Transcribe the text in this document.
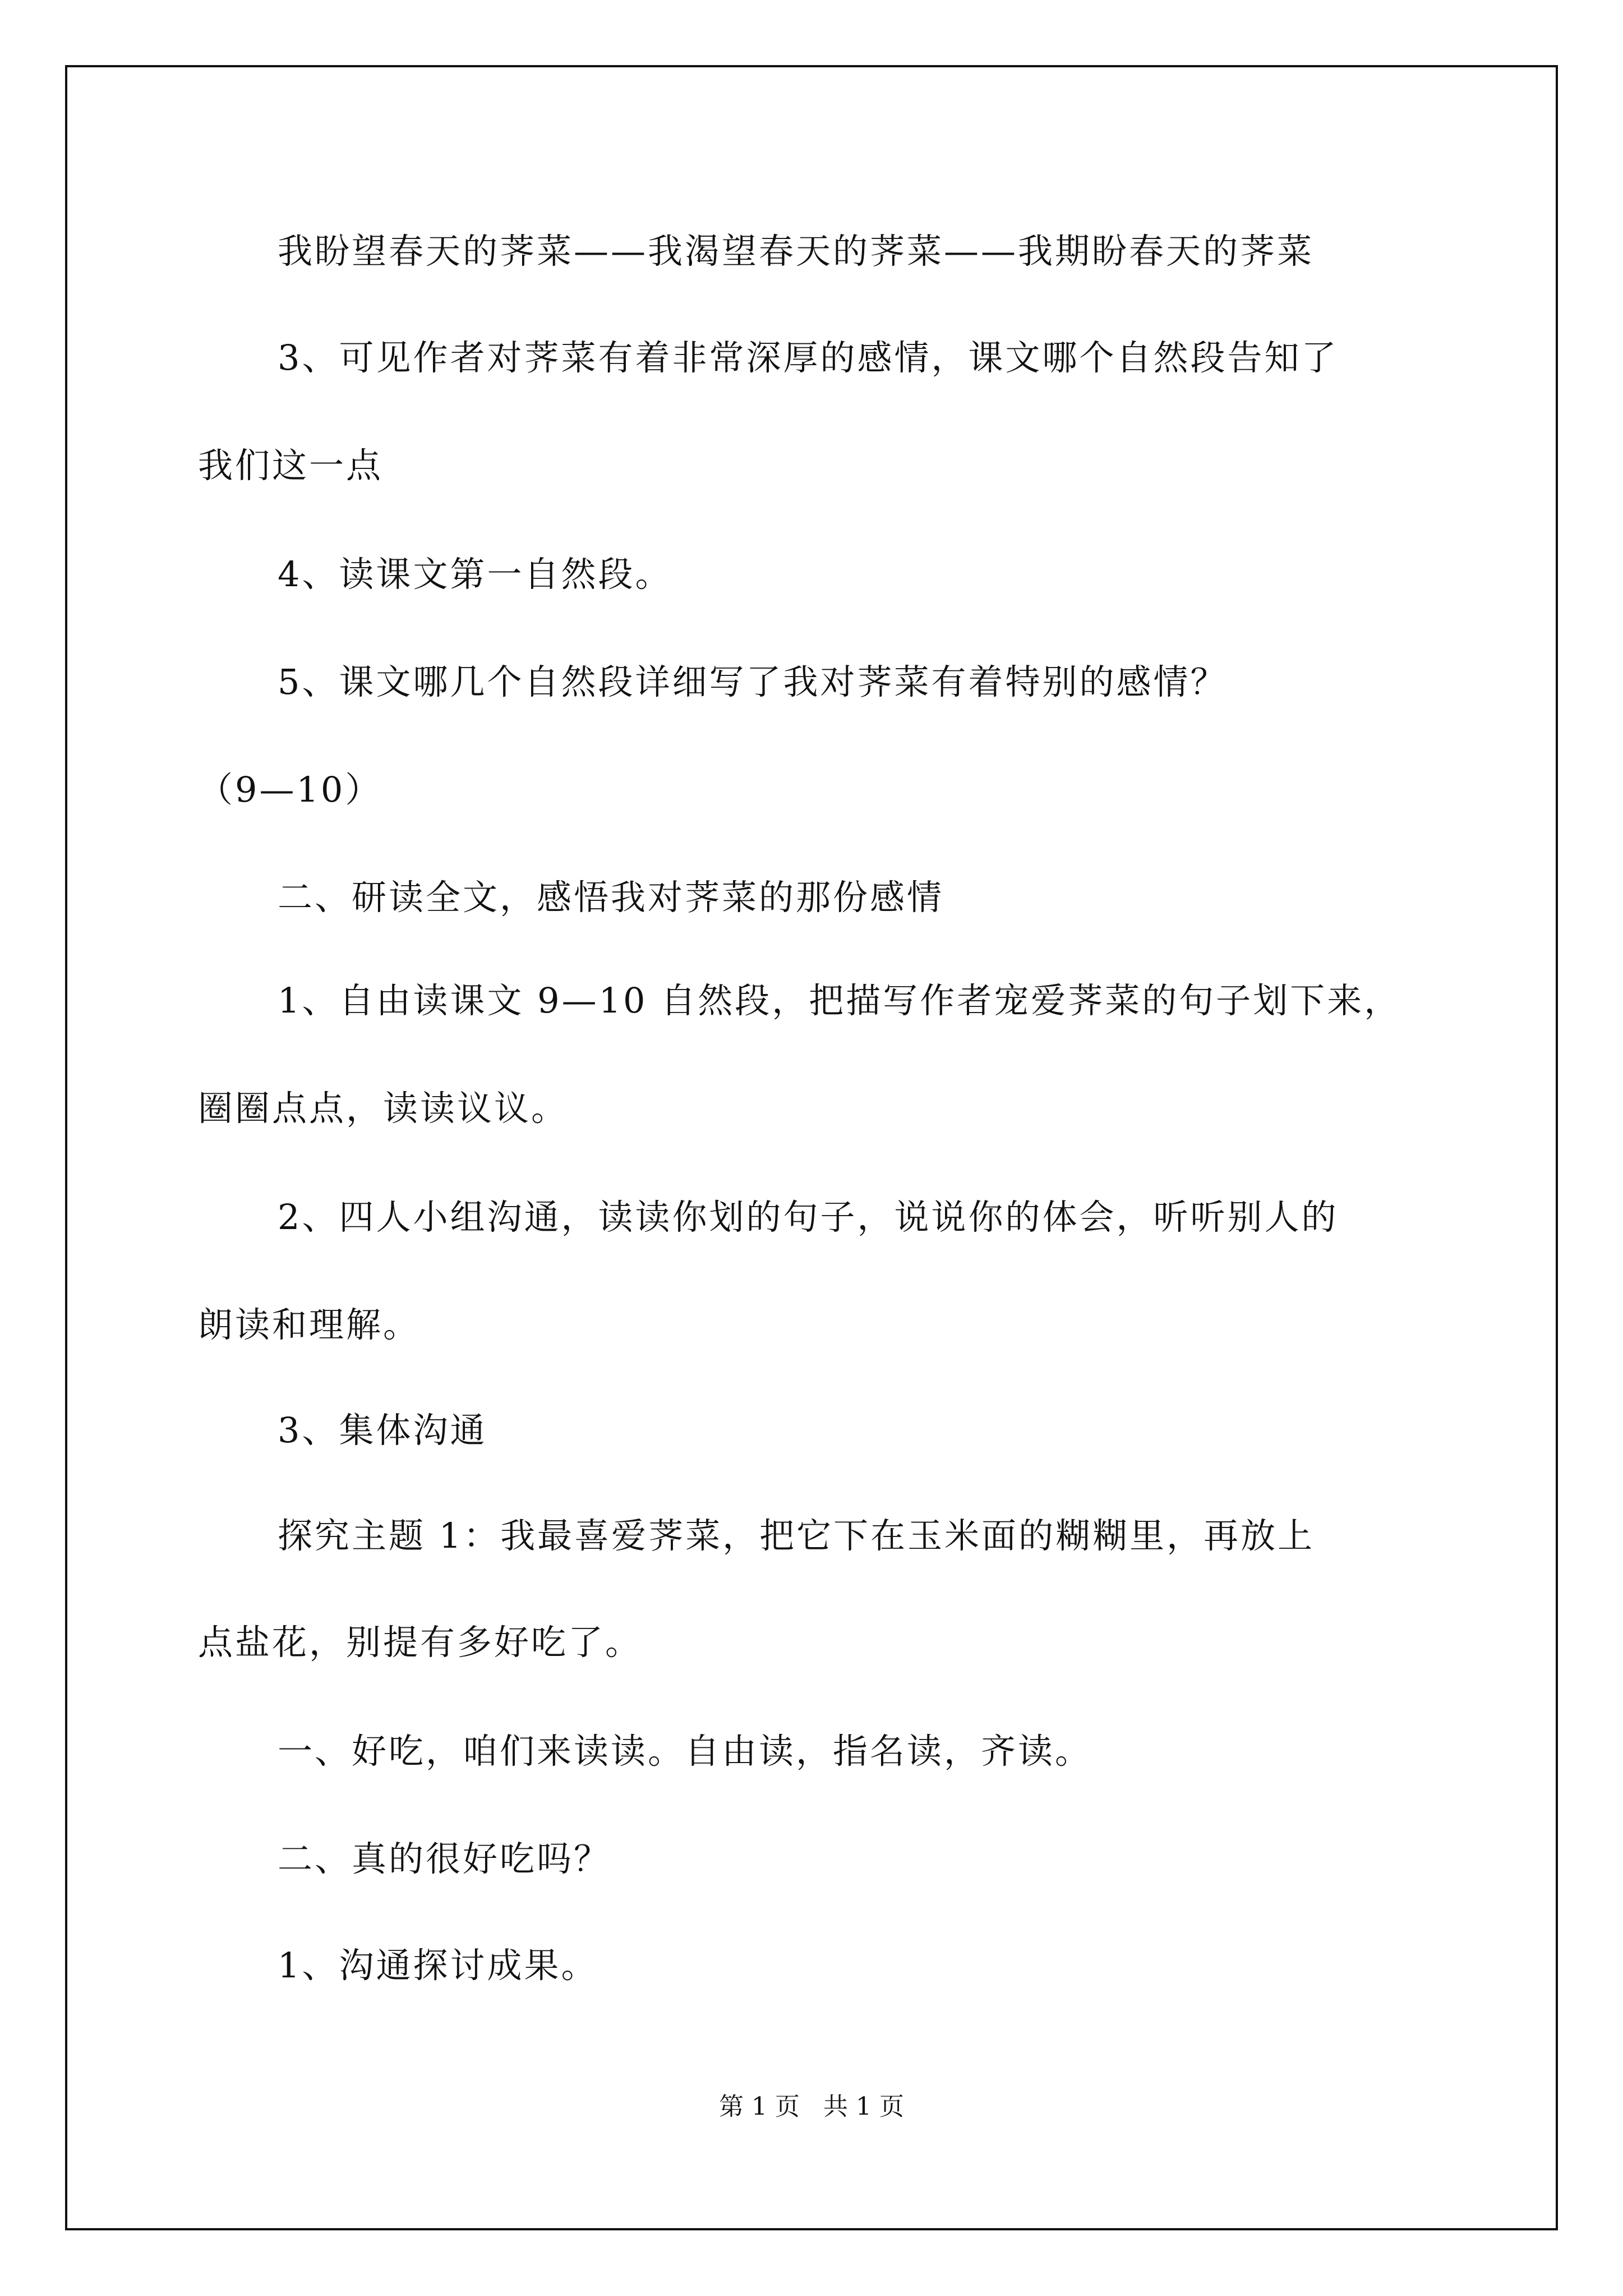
我盼望春天的荠菜——我渴望春天的荠菜——我期盼春天的荠菜
3、可见作者对荠菜有着非常深厚的感情，课文哪个自然段告知了
我们这一点
4、读课文第一自然段。
5、课文哪几个自然段详细写了我对荠菜有着特别的感情？
（9—10）
二、研读全文，感悟我对荠菜的那份感情
1、自由读课文 9—10 自然段，把描写作者宠爱荠菜的句子划下来，
圈圈点点，读读议议。
2、四人小组沟通，读读你划的句子，说说你的体会，听听别人的
朗读和理解。
3、集体沟通
探究主题 1：我最喜爱荠菜，把它下在玉米面的糊糊里，再放上
点盐花，别提有多好吃了。
一、好吃，咱们来读读。自由读，指名读，齐读。
二、真的很好吃吗？
1、沟通探讨成果。
第 1 页   共 1 页
